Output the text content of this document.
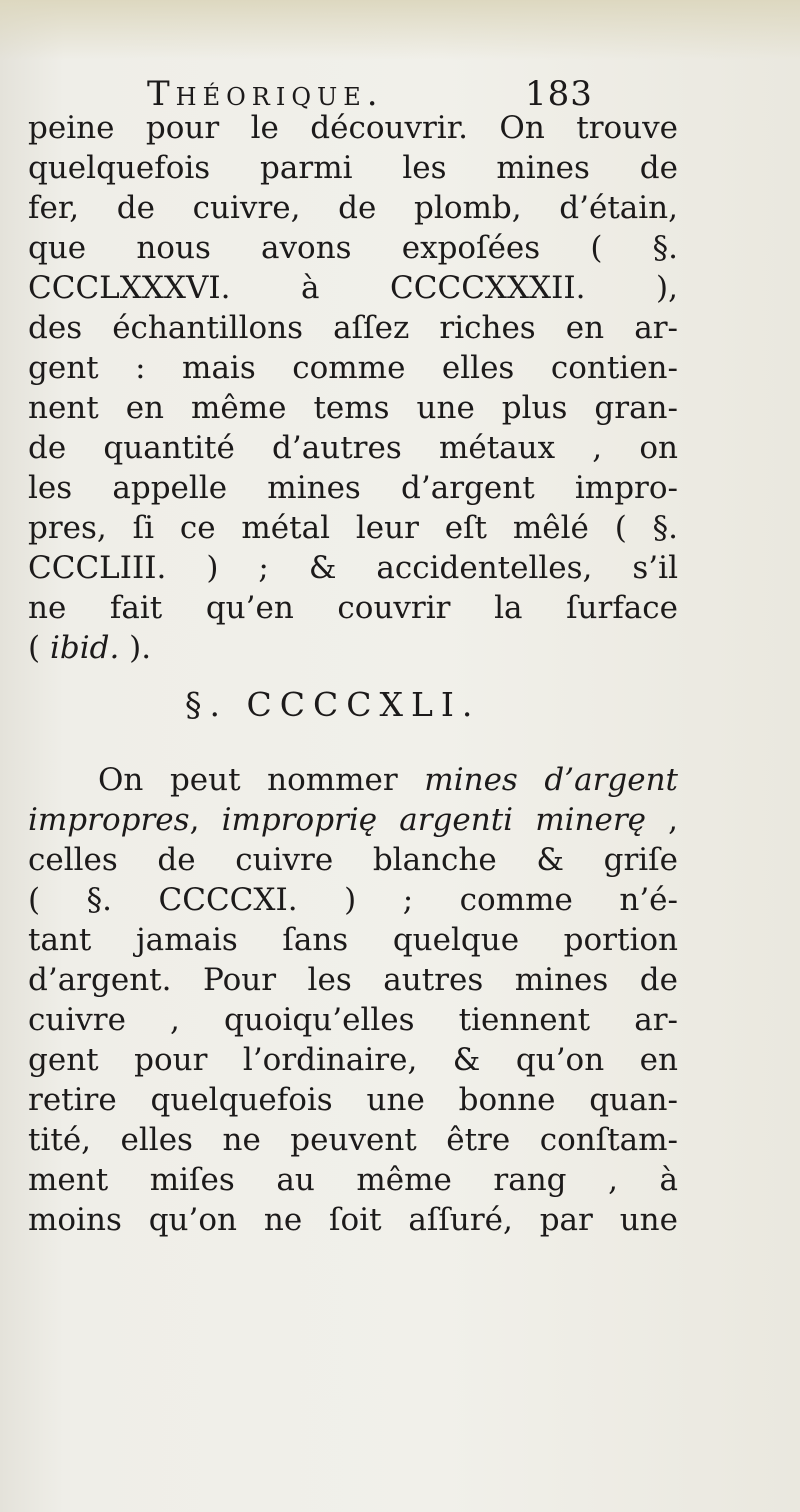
Théorique.	183
peine pour le découvrir. On trouve
quelquefois parmi les mines de
fer, de cuivre, de plomb, d’étain,
que nous avons expoſées ( §.
CCCLXXXVI. à CCCCXXXII. ),
des échantillons aſſez riches en ar-
gent : mais comme elles contien-
nent en même tems une plus gran-
de quantité d’autres métaux , on
les appelle mines d’argent impro-
pres, ſi ce métal leur eſt mêlé ( §.
CCCLIII. ) ; & accidentelles, s’il
ne fait qu’en couvrir la ſurface
( ibid. ).
§. CCCCXLI.
On peut nommer mines d’argent
impropres, improprię argenti minerę ,
celles de cuivre blanche & griſe
( §. CCCCXI. ) ; comme n’é-
tant jamais ſans quelque portion
d’argent. Pour les autres mines de
cuivre , quoiqu’elles tiennent ar-
gent pour l’ordinaire, & qu’on en
retire quelquefois une bonne quan-
tité, elles ne peuvent être conſtam-
ment miſes au même rang , à
moins qu’on ne ſoit aſſuré, par une
